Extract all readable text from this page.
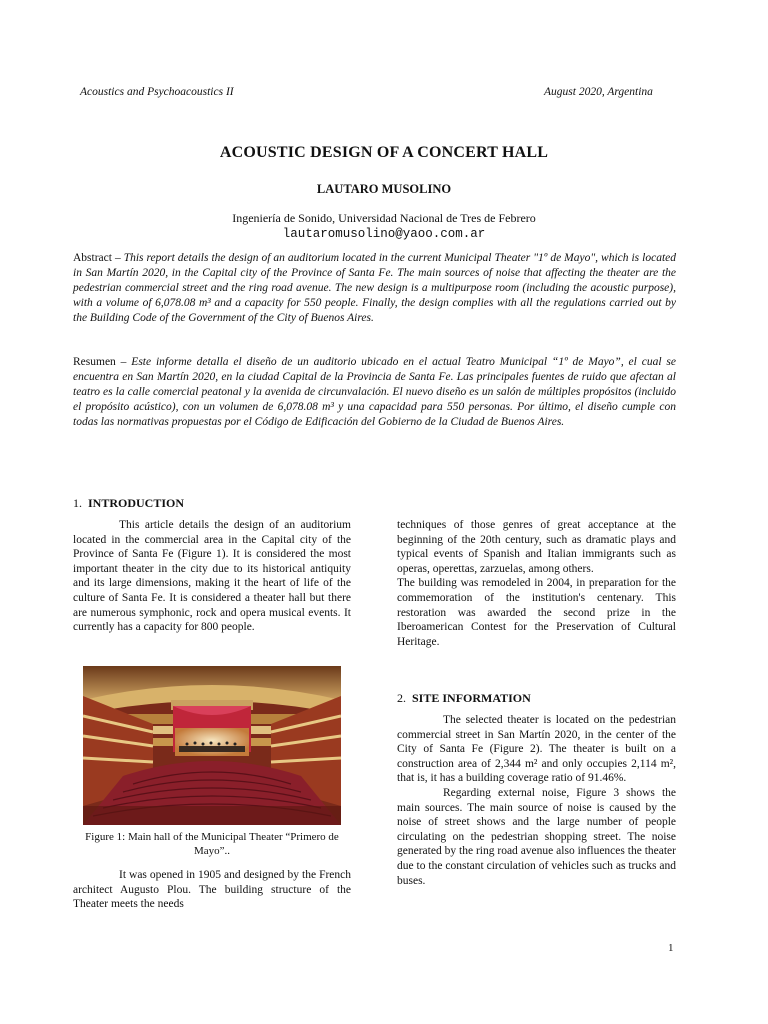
Acoustics and Psychoacoustics II	August 2020, Argentina
ACOUSTIC DESIGN OF A CONCERT HALL
LAUTARO MUSOLINO
Ingeniería de Sonido, Universidad Nacional de Tres de Febrero
lautaromusolino@yaoo.com.ar
Abstract – This report details the design of an auditorium located in the current Municipal Theater "1º de Mayo", which is located in San Martín 2020, in the Capital city of the Province of Santa Fe. The main sources of noise that affecting the theater are the pedestrian commercial street and the ring road avenue. The new design is a multipurpose room (including the acoustic purpose), with a volume of 6,078.08 m³ and a capacity for 550 people. Finally, the design complies with all the regulations carried out by the Building Code of the Government of the City of Buenos Aires.
Resumen – Este informe detalla el diseño de un auditorio ubicado en el actual Teatro Municipal “1º de Mayo”, el cual se encuentra en San Martín 2020, en la ciudad Capital de la Provincia de Santa Fe. Las principales fuentes de ruido que afectan al teatro es la calle comercial peatonal y la avenida de circunvalación. El nuevo diseño es un salón de múltiples propósitos (incluido el propósito acústico), con un volumen de 6,078.08 m³ y una capacidad para 550 personas. Por último, el diseño cumple con todas las normativas propuestas por el Código de Edificación del Gobierno de la Ciudad de Buenos Aires.
1. INTRODUCTION

This article details the design of an auditorium located in the commercial area in the Capital city of the Province of Santa Fe (Figure 1). It is considered the most important theater in the city due to its historical antiquity and its large dimensions, making it the heart of life of the culture of Santa Fe. It is considered a theater hall but there are numerous symphonic, rock and opera musical events. It currently has a capacity for 800 people.

Figure 1: Main hall of the Municipal Theater “Primero de Mayo”..

It was opened in 1905 and designed by the French architect Augusto Plou. The building structure of the Theater meets the needs

techniques of those genres of great acceptance at the beginning of the 20th century, such as dramatic plays and typical events of Spanish and Italian immigrants such as operas, operettas, zarzuelas, among others.

The building was remodeled in 2004, in preparation for the commemoration of the institution's centenary. This restoration was awarded the second prize in the Iberoamerican Contest for the Preservation of Cultural Heritage.

2. SITE INFORMATION

The selected theater is located on the pedestrian commercial street in San Martín 2020, in the center of the City of Santa Fe (Figure 2). The theater is built on a construction area of 2,344 m² and only occupies 2,114 m², that is, it has a building coverage ratio of 91.46%.

Regarding external noise, Figure 3 shows the main sources. The main source of noise is caused by the noise of street shows and the large number of people circulating on the pedestrian shopping street. The noise generated by the ring road avenue also influences the theater due to the constant circulation of vehicles such as trucks and buses.

1
